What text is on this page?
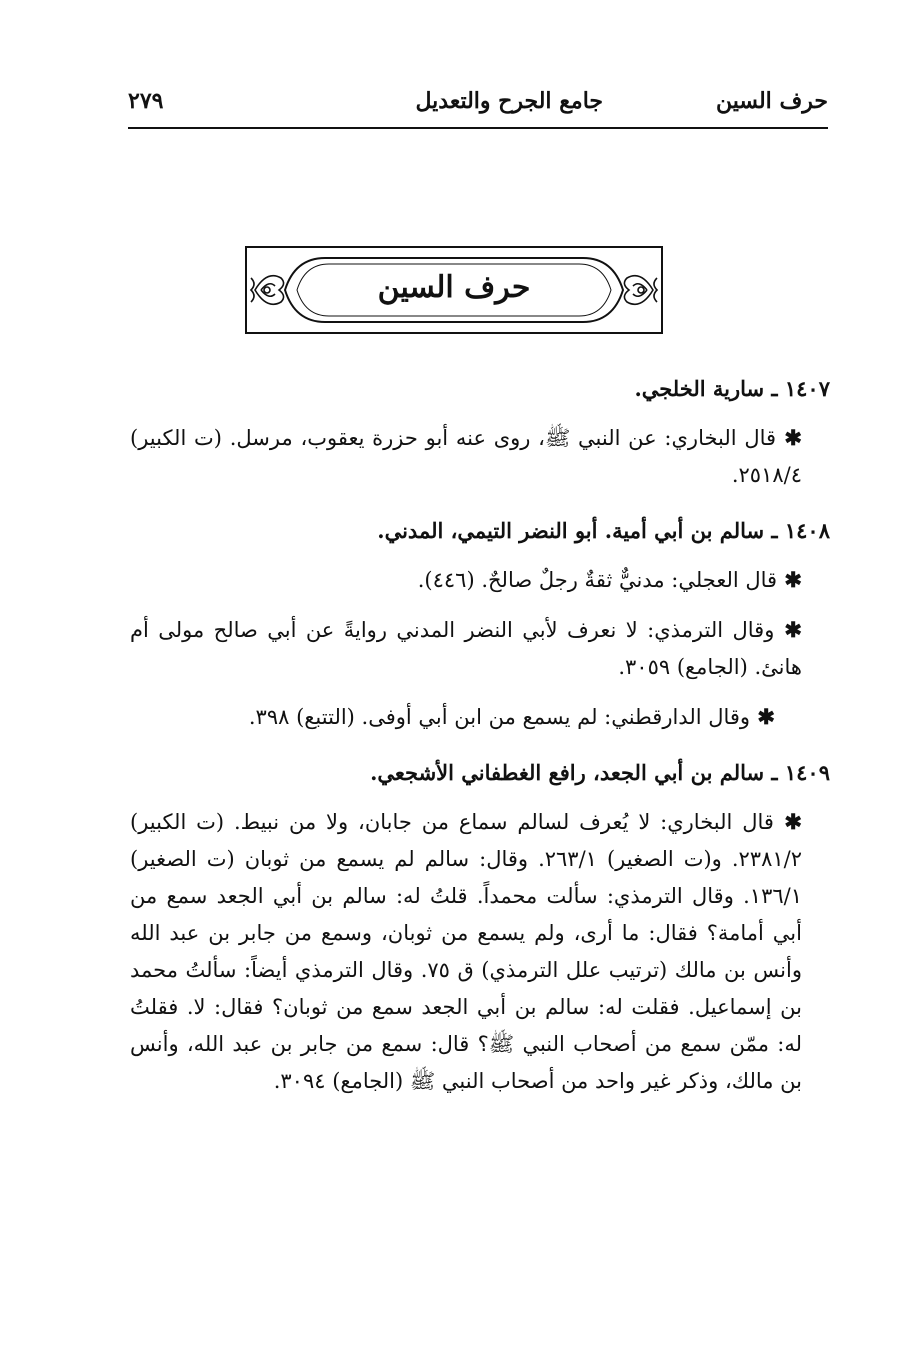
حرف السين
جامع الجرح والتعديل
٢٧٩
حرف السين

١٤٠٧ ـ سارية الخلجي.

✱ قال البخاري: عن النبي ﷺ، روى عنه أبو حزرة يعقوب، مرسل. (ت الكبير) ٢٥١٨/٤.

١٤٠٨ ـ سالم بن أبي أمية. أبو النضر التيمي، المدني.

✱ قال العجلي: مدنيٌّ ثقةٌ رجلٌ صالحٌ. (٤٤٦).

✱ وقال الترمذي: لا نعرف لأبي النضر المدني روايةً عن أبي صالح مولى أم هانئ. (الجامع) ٣٠٥٩.

✱ وقال الدارقطني: لم يسمع من ابن أبي أوفى. (التتبع) ٣٩٨.

١٤٠٩ ـ سالم بن أبي الجعد، رافع الغطفاني الأشجعي.

✱ قال البخاري: لا يُعرف لسالم سماع من جابان، ولا من نبيط. (ت الكبير) ٢٣٨١/٢. و(ت الصغير) ٢٦٣/١. وقال: سالم لم يسمع من ثوبان (ت الصغير) ١٣٦/١. وقال الترمذي: سألت محمداً. قلتُ له: سالم بن أبي الجعد سمع من أبي أمامة؟ فقال: ما أرى، ولم يسمع من ثوبان، وسمع من جابر بن عبد الله وأنس بن مالك (ترتيب علل الترمذي) ق ٧٥. وقال الترمذي أيضاً: سألتُ محمد بن إسماعيل. فقلت له: سالم بن أبي الجعد سمع من ثوبان؟ فقال: لا. فقلتُ له: ممّن سمع من أصحاب النبي ﷺ؟ قال: سمع من جابر بن عبد الله، وأنس بن مالك، وذكر غير واحد من أصحاب النبي ﷺ (الجامع) ٣٠٩٤.
